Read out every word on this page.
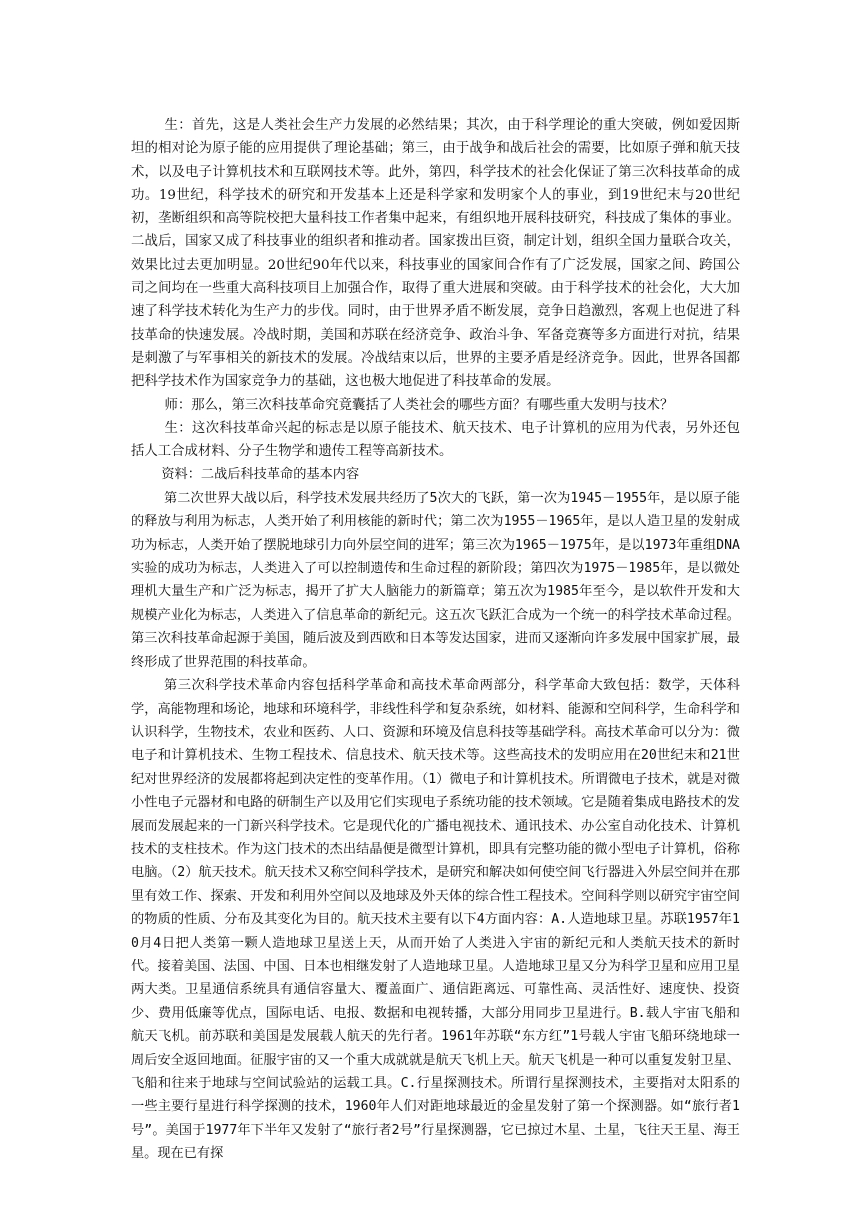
生：首先，这是人类社会生产力发展的必然结果；其次，由于科学理论的重大突破，例如爱因斯坦的相对论为原子能的应用提供了理论基础；第三，由于战争和战后社会的需要，比如原子弹和航天技术，以及电子计算机技术和互联网技术等。此外，第四，科学技术的社会化保证了第三次科技革命的成功。19世纪，科学技术的研究和开发基本上还是科学家和发明家个人的事业，到19世纪末与20世纪初，垄断组织和高等院校把大量科技工作者集中起来，有组织地开展科技研究，科技成了集体的事业。二战后，国家又成了科技事业的组织者和推动者。国家拨出巨资，制定计划，组织全国力量联合攻关，效果比过去更加明显。20世纪90年代以来，科技事业的国家间合作有了广泛发展，国家之间、跨国公司之间均在一些重大高科技项目上加强合作，取得了重大进展和突破。由于科学技术的社会化，大大加速了科学技术转化为生产力的步伐。同时，由于世界矛盾不断发展，竞争日趋激烈，客观上也促进了科技革命的快速发展。冷战时期，美国和苏联在经济竞争、政治斗争、军备竞赛等多方面进行对抗，结果是刺激了与军事相关的新技术的发展。冷战结束以后，世界的主要矛盾是经济竞争。因此，世界各国都把科学技术作为国家竞争力的基础，这也极大地促进了科技革命的发展。

师：那么，第三次科技革命究竟囊括了人类社会的哪些方面？有哪些重大发明与技术？

生：这次科技革命兴起的标志是以原子能技术、航天技术、电子计算机的应用为代表，另外还包括人工合成材料、分子生物学和遗传工程等高新技术。

资料：二战后科技革命的基本内容

第二次世界大战以后，科学技术发展共经历了5次大的飞跃，第一次为1945－1955年，是以原子能的释放与利用为标志，人类开始了利用核能的新时代；第二次为1955－1965年，是以人造卫星的发射成功为标志，人类开始了摆脱地球引力向外层空间的进军；第三次为1965－1975年，是以1973年重组DNA实验的成功为标志，人类进入了可以控制遗传和生命过程的新阶段；第四次为1975－1985年，是以微处理机大量生产和广泛为标志，揭开了扩大人脑能力的新篇章；第五次为1985年至今，是以软件开发和大规模产业化为标志，人类进入了信息革命的新纪元。这五次飞跃汇合成为一个统一的科学技术革命过程。第三次科技革命起源于美国，随后波及到西欧和日本等发达国家，进而又逐渐向许多发展中国家扩展，最终形成了世界范围的科技革命。

第三次科学技术革命内容包括科学革命和高技术革命两部分，科学革命大致包括：数学，天体科学，高能物理和场论，地球和环境科学，非线性科学和复杂系统，如材料、能源和空间科学，生命科学和认识科学，生物技术，农业和医药、人口、资源和环境及信息科技等基础学科。高技术革命可以分为：微电子和计算机技术、生物工程技术、信息技术、航天技术等。这些高技术的发明应用在20世纪末和21世纪对世界经济的发展都将起到决定性的变革作用。（1）微电子和计算机技术。所谓微电子技术，就是对微小性电子元器材和电路的研制生产以及用它们实现电子系统功能的技术领域。它是随着集成电路技术的发展而发展起来的一门新兴科学技术。它是现代化的广播电视技术、通讯技术、办公室自动化技术、计算机技术的支柱技术。作为这门技术的杰出结晶便是微型计算机，即具有完整功能的微小型电子计算机，俗称电脑。（2）航天技术。航天技术又称空间科学技术，是研究和解决如何使空间飞行器进入外层空间并在那里有效工作、探索、开发和利用外空间以及地球及外天体的综合性工程技术。空间科学则以研究宇宙空间的物质的性质、分布及其变化为目的。航天技术主要有以下4方面内容：A.人造地球卫星。苏联1957年10月4日把人类第一颗人造地球卫星送上天，从而开始了人类进入宇宙的新纪元和人类航天技术的新时代。接着美国、法国、中国、日本也相继发射了人造地球卫星。人造地球卫星又分为科学卫星和应用卫星两大类。卫星通信系统具有通信容量大、覆盖面广、通信距离远、可靠性高、灵活性好、速度快、投资少、费用低廉等优点，国际电话、电报、数据和电视转播，大部分用同步卫星进行。B.载人宇宙飞船和航天飞机。前苏联和美国是发展载人航天的先行者。1961年苏联“东方红”1号载人宇宙飞船环绕地球一周后安全返回地面。征服宇宙的又一个重大成就就是航天飞机上天。航天飞机是一种可以重复发射卫星、飞船和往来于地球与空间试验站的运载工具。C.行星探测技术。所谓行星探测技术，主要指对太阳系的一些主要行星进行科学探测的技术，1960年人们对距地球最近的金星发射了第一个探测器。如“旅行者1号”。美国于1977年下半年又发射了“旅行者2号”行星探测器，它已掠过木星、土星，飞往天王星、海王星。现在已有探
